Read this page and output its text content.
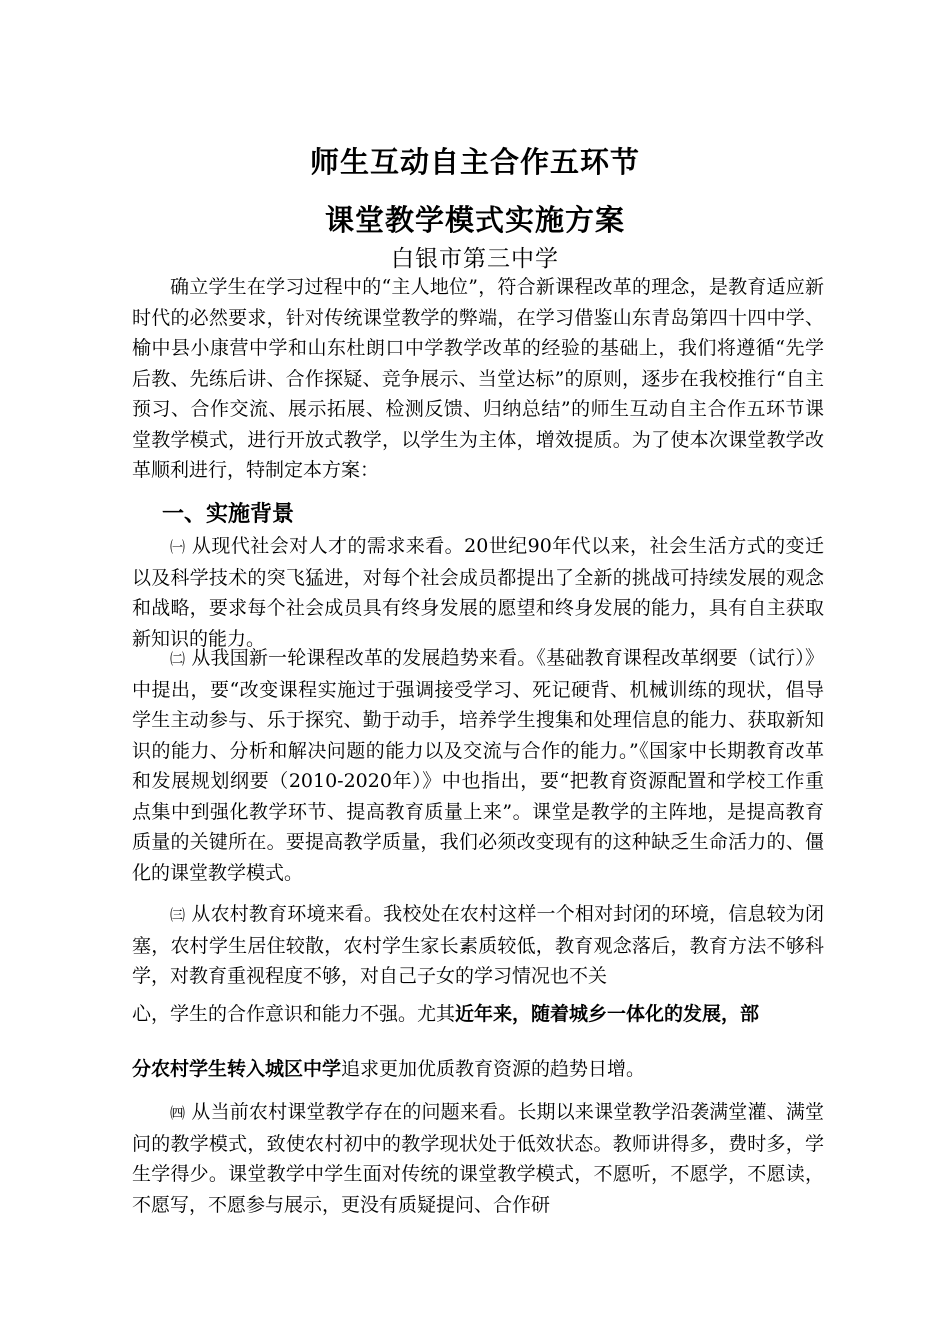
师生互动自主合作五环节
课堂教学模式实施方案

白银市第三中学

确立学生在学习过程中的“主人地位”，符合新课程改革的理念，是教育适应新时代的必然要求，针对传统课堂教学的弊端，在学习借鉴山东青岛第四十四中学、榆中县小康营中学和山东杜朗口中学教学改革的经验的基础上，我们将遵循“先学后教、先练后讲、合作探疑、竞争展示、当堂达标”的原则，逐步在我校推行“自主预习、合作交流、展示拓展、检测反馈、归纳总结”的师生互动自主合作五环节课堂教学模式，进行开放式教学，以学生为主体，增效提质。为了使本次课堂教学改革顺利进行，特制定本方案：

一、实施背景

㈠ 从现代社会对人才的需求来看。20世纪90年代以来，社会生活方式的变迁以及科学技术的突飞猛进，对每个社会成员都提出了全新的挑战可持续发展的观念和战略，要求每个社会成员具有终身发展的愿望和终身发展的能力，具有自主获取新知识的能力。

㈡ 从我国新一轮课程改革的发展趋势来看。《基础教育课程改革纲要（试行）》中提出，要“改变课程实施过于强调接受学习、死记硬背、机械训练的现状，倡导学生主动参与、乐于探究、勤于动手，培养学生搜集和处理信息的能力、获取新知识的能力、分析和解决问题的能力以及交流与合作的能力。”《国家中长期教育改革和发展规划纲要（2010-2020年）》中也指出，要“把教育资源配置和学校工作重点集中到强化教学环节、提高教育质量上来”。课堂是教学的主阵地，是提高教育质量的关键所在。要提高教学质量，我们必须改变现有的这种缺乏生命活力的、僵化的课堂教学模式。

㈢ 从农村教育环境来看。我校处在农村这样一个相对封闭的环境，信息较为闭塞，农村学生居住较散，农村学生家长素质较低，教育观念落后，教育方法不够科学，对教育重视程度不够，对自己子女的学习情况也不关

心，学生的合作意识和能力不强。尤其近年来，随着城乡一体化的发展，部

分农村学生转入城区中学追求更加优质教育资源的趋势日增。

㈣ 从当前农村课堂教学存在的问题来看。长期以来课堂教学沿袭满堂灌、满堂问的教学模式，致使农村初中的教学现状处于低效状态。教师讲得多，费时多，学生学得少。课堂教学中学生面对传统的课堂教学模式，不愿听，不愿学，不愿读，不愿写，不愿参与展示，更没有质疑提问、合作研
